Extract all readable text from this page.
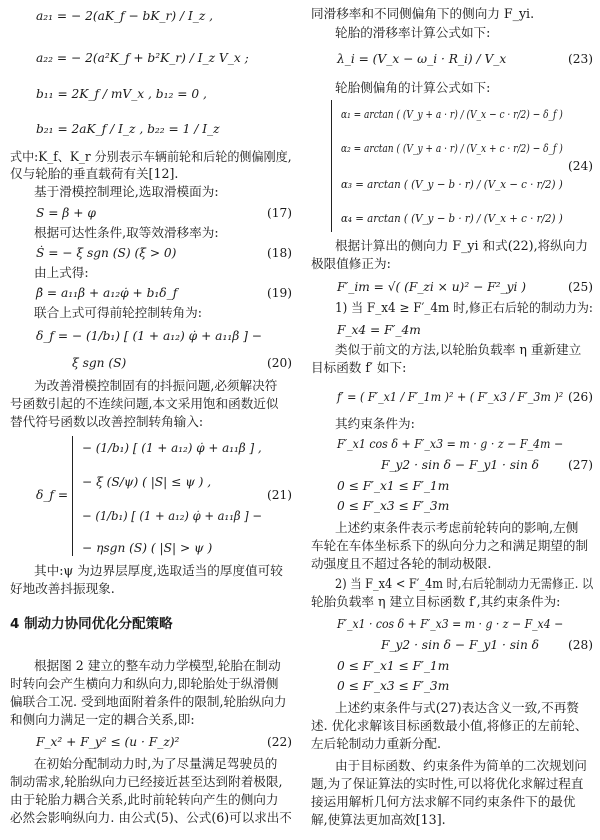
a₂₁ = − 2(aK_f − bK_r) / I_z ,
a₂₂ = − 2(a²K_f + b²K_r) / I_z V_x ;
b₁₁ = 2K_f / mV_x , b₁₂ = 0 ,
b₂₁ = 2aK_f / I_z , b₂₂ = 1 / I_z
式中:K_f、K_r 分别表示车辆前轮和后轮的侧偏刚度,
仅与轮胎的垂直载荷有关[12].
基于滑模控制理论,选取滑模面为:
S = β + φ	(17)
根据可达性条件,取等效滑移率为:
Ṡ = − ξ sgn (S) (ξ > 0)	(18)
由上式得:
β̇ = a₁₁β + a₁₂φ̇ + b₁δ_f	(19)
联合上式可得前轮控制转角为:
δ_f = − (1/b₁) [ (1 + a₁₂) φ̇ + a₁₁β ] −
ξ sgn (S)	(20)
为改善滑模控制固有的抖振问题,必须解决符
号函数引起的不连续问题,本文采用饱和函数近似
替代符号函数以改善控制转角输入:
δ_f =
− (1/b₁) [ (1 + a₁₂) φ̇ + a₁₁β ] ,
− ξ (S/ψ) ( |S| ≤ ψ ) ,
− (1/b₁) [ (1 + a₁₂) φ̇ + a₁₁β ] −
− ηsgn (S) ( |S| > ψ )
(21)
其中:ψ 为边界层厚度,选取适当的厚度值可较
好地改善抖振现象.
4 制动力协同优化分配策略
根据图 2 建立的整车动力学模型,轮胎在制动
时转向会产生横向力和纵向力,即轮胎处于纵滑侧
偏联合工况. 受到地面附着条件的限制,轮胎纵向力
和侧向力满足一定的耦合关系,即:
F_x² + F_y² ≤ (u · F_z)²	(22)
在初始分配制动力时,为了尽量满足驾驶员的
制动需求,轮胎纵向力已经接近甚至达到附着极限,
由于轮胎力耦合关系,此时前轮转向产生的侧向力
必然会影响纵向力. 由公式(5)、公式(6)可以求出不
同滑移率和不同侧偏角下的侧向力 F_yi.
轮胎的滑移率计算公式如下:
λ_i = (V_x − ω_i · R_i) / V_x	(23)
轮胎侧偏角的计算公式如下:
α₁ = arctan ( (V_y + a · r) / (V_x − c · r/2) − δ_f )
α₂ = arctan ( (V_y + a · r) / (V_x + c · r/2) − δ_f )
α₃ = arctan ( (V_y − b · r) / (V_x − c · r/2) )
α₄ = arctan ( (V_y − b · r) / (V_x + c · r/2) )
(24)
根据计算出的侧向力 F_yi 和式(22),将纵向力
极限值修正为:
F′_im = √( (F_zi × u)² − F²_yi )	(25)
1) 当 F_x4 ≥ F′_4m 时,修正右后轮的制动力为:
F_x4 = F′_4m
类似于前文的方法,以轮胎负载率 η 重新建立
目标函数 f′ 如下:
f′ = ( F′_x1 / F′_1m )² + ( F′_x3 / F′_3m )² (26)
其约束条件为:
F′_x1 cos δ + F′_x3 = m · g · z − F_4m −
F_y2 · sin δ − F_y1 · sin δ
0 ≤ F′_x1 ≤ F′_1m
0 ≤ F′_x3 ≤ F′_3m
(27)
上述约束条件表示考虑前轮转向的影响,左侧
车轮在车体坐标系下的纵向分力之和满足期望的制
动强度且不超过各轮的制动极限.
2) 当 F_x4 < F′_4m 时,右后轮制动力无需修正. 以
轮胎负载率 η 建立目标函数 f′,其约束条件为:
F′_x1 · cos δ + F′_x3 = m · g · z − F_x4 −
F_y2 · sin δ − F_y1 · sin δ
0 ≤ F′_x1 ≤ F′_1m
0 ≤ F′_x3 ≤ F′_3m
(28)
上述约束条件与式(27)表达含义一致,不再赘
述. 优化求解该目标函数最小值,将修正的左前轮、
左后轮制动力重新分配.
由于目标函数、约束条件为简单的二次规划问
题,为了保证算法的实时性,可以将优化求解过程直
接运用解析几何方法求解不同约束条件下的最优
解,使算法更加高效[13].
